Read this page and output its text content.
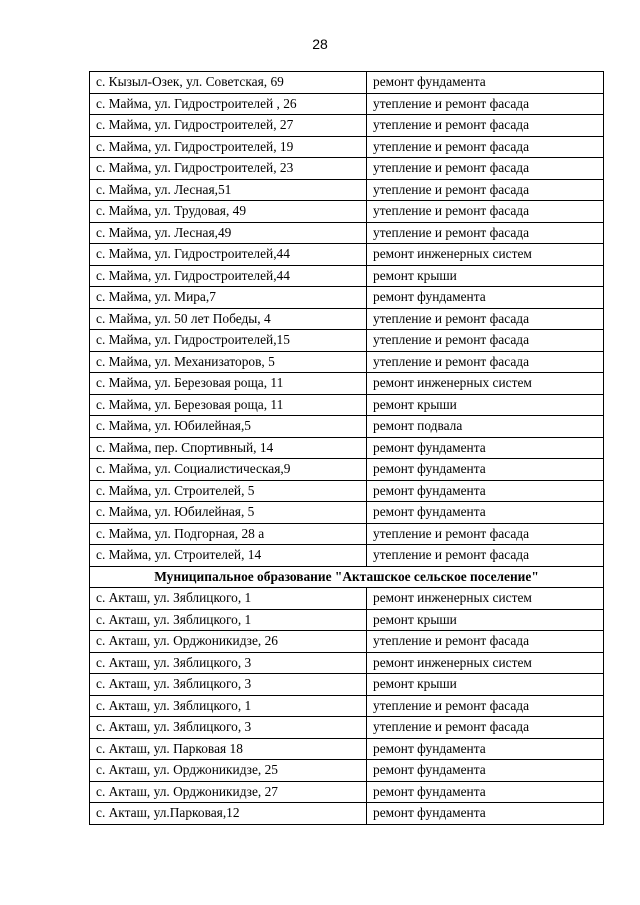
28
с. Кызыл-Озек, ул. Советская, 69	ремонт фундамента
с. Майма, ул. Гидростроителей , 26	утепление и ремонт фасада
с. Майма, ул. Гидростроителей, 27	утепление и ремонт фасада
с. Майма, ул. Гидростроителей, 19	утепление и ремонт фасада
с. Майма, ул. Гидростроителей, 23	утепление и ремонт фасада
с. Майма, ул. Лесная,51	утепление и ремонт фасада
с. Майма, ул. Трудовая, 49	утепление и ремонт фасада
с. Майма, ул. Лесная,49	утепление и ремонт фасада
с. Майма, ул. Гидростроителей,44	ремонт инженерных систем
с. Майма, ул. Гидростроителей,44	ремонт крыши
с. Майма, ул. Мира,7	ремонт фундамента
с. Майма, ул. 50 лет Победы, 4	утепление и ремонт фасада
с. Майма, ул. Гидростроителей,15	утепление и ремонт фасада
с. Майма, ул. Механизаторов, 5	утепление и ремонт фасада
с. Майма, ул. Березовая роща, 11	ремонт инженерных систем
с. Майма, ул. Березовая роща, 11	ремонт крыши
с. Майма, ул. Юбилейная,5	ремонт подвала
с. Майма, пер. Спортивный, 14	ремонт фундамента
с. Майма, ул. Социалистическая,9	ремонт фундамента
с. Майма, ул. Строителей, 5	ремонт фундамента
с. Майма, ул. Юбилейная, 5	ремонт фундамента
с. Майма, ул. Подгорная, 28 а	утепление и ремонт фасада
с. Майма, ул. Строителей, 14	утепление и ремонт фасада
Муниципальное образование "Акташское сельское поселение"	
с. Акташ, ул. Зяблицкого, 1	ремонт инженерных систем
с. Акташ, ул. Зяблицкого, 1	ремонт крыши
с. Акташ, ул. Орджоникидзе, 26	утепление и ремонт фасада
с. Акташ, ул. Зяблицкого, 3	ремонт инженерных систем
с. Акташ, ул. Зяблицкого, 3	ремонт крыши
с. Акташ, ул. Зяблицкого, 1	утепление и ремонт фасада
с. Акташ, ул. Зяблицкого, 3	утепление и ремонт фасада
с. Акташ, ул. Парковая 18	ремонт фундамента
с. Акташ, ул. Орджоникидзе, 25	ремонт фундамента
с. Акташ, ул. Орджоникидзе, 27	ремонт фундамента
с. Акташ, ул.Парковая,12	ремонт фундамента
